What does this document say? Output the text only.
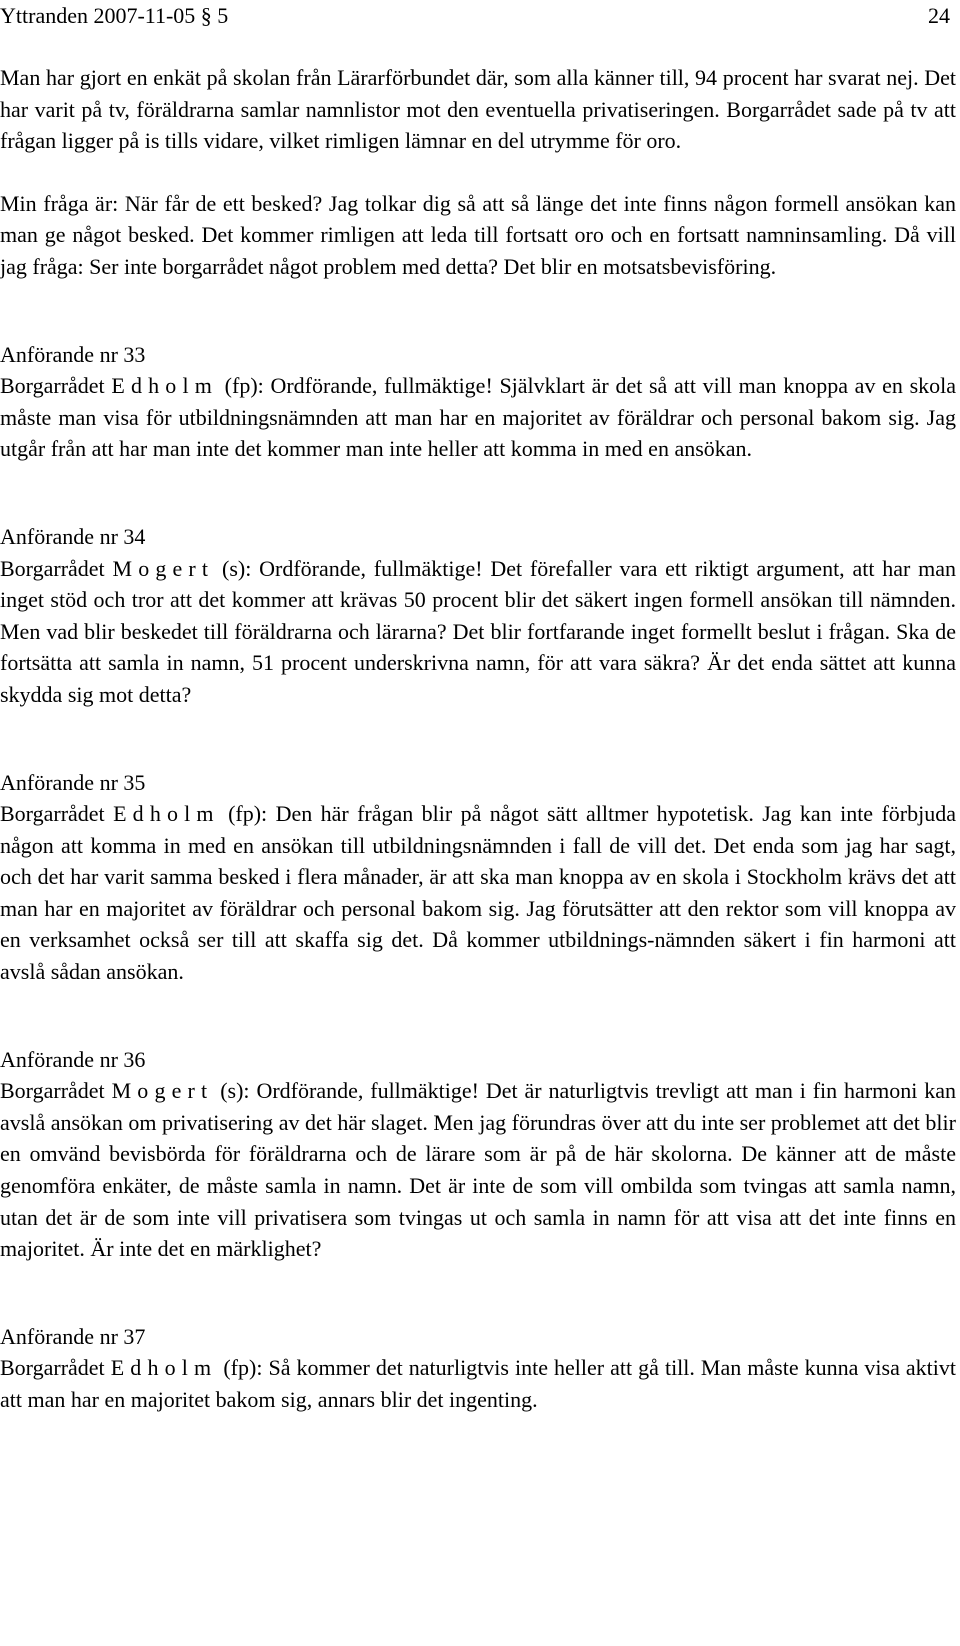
Yttranden 2007-11-05 § 5	24

Man har gjort en enkät på skolan från Lärarförbundet där, som alla känner till, 94 procent har svarat nej. Det har varit på tv, föräldrarna samlar namnlistor mot den eventuella privatiseringen. Borgarrådet sade på tv att frågan ligger på is tills vidare, vilket rimligen lämnar en del utrymme för oro.

Min fråga är: När får de ett besked? Jag tolkar dig så att så länge det inte finns någon formell ansökan kan man ge något besked. Det kommer rimligen att leda till fortsatt oro och en fortsatt namninsamling. Då vill jag fråga: Ser inte borgarrådet något problem med detta? Det blir en motsatsbevisföring.

Anförande nr 33

Borgarrådet Edholm (fp): Ordförande, fullmäktige! Självklart är det så att vill man knoppa av en skola måste man visa för utbildningsnämnden att man har en majoritet av föräldrar och personal bakom sig. Jag utgår från att har man inte det kommer man inte heller att komma in med en ansökan.

Anförande nr 34

Borgarrådet Mogert (s): Ordförande, fullmäktige! Det förefaller vara ett riktigt argument, att har man inget stöd och tror att det kommer att krävas 50 procent blir det säkert ingen formell ansökan till nämnden. Men vad blir beskedet till föräldrarna och lärarna? Det blir fortfarande inget formellt beslut i frågan. Ska de fortsätta att samla in namn, 51 procent underskrivna namn, för att vara säkra? Är det enda sättet att kunna skydda sig mot detta?

Anförande nr 35

Borgarrådet Edholm (fp): Den här frågan blir på något sätt alltmer hypotetisk. Jag kan inte förbjuda någon att komma in med en ansökan till utbildningsnämnden i fall de vill det. Det enda som jag har sagt, och det har varit samma besked i flera månader, är att ska man knoppa av en skola i Stockholm krävs det att man har en majoritet av föräldrar och personal bakom sig. Jag förutsätter att den rektor som vill knoppa av en verksamhet också ser till att skaffa sig det. Då kommer utbildnings-nämnden säkert i fin harmoni att avslå sådan ansökan.

Anförande nr 36

Borgarrådet Mogert (s): Ordförande, fullmäktige! Det är naturligtvis trevligt att man i fin harmoni kan avslå ansökan om privatisering av det här slaget. Men jag förundras över att du inte ser problemet att det blir en omvänd bevisbörda för föräldrarna och de lärare som är på de här skolorna. De känner att de måste genomföra enkäter, de måste samla in namn. Det är inte de som vill ombilda som tvingas att samla namn, utan det är de som inte vill privatisera som tvingas ut och samla in namn för att visa att det inte finns en majoritet. Är inte det en märklighet?

Anförande nr 37

Borgarrådet Edholm (fp): Så kommer det naturligtvis inte heller att gå till. Man måste kunna visa aktivt att man har en majoritet bakom sig, annars blir det ingenting.
